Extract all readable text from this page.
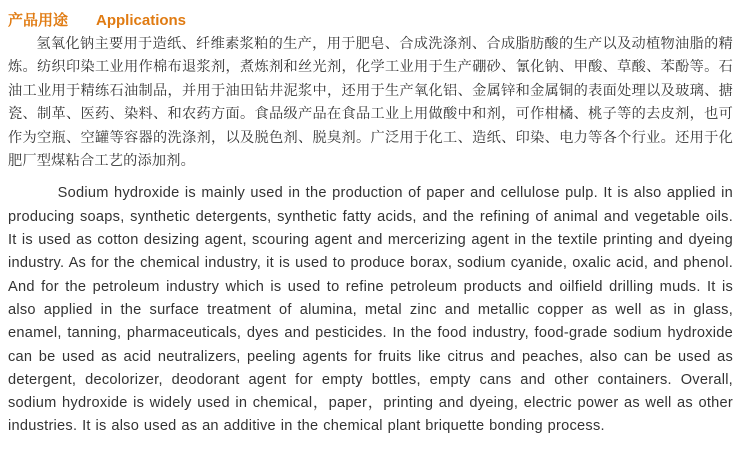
产品用途 Applications

氢氧化钠主要用于造纸、纤维素浆粕的生产，用于肥皂、合成洗涤剂、合成脂肪酸的生产以及动植物油脂的精炼。纺织印染工业用作棉布退浆剂，煮炼剂和丝光剂，化学工业用于生产硼砂、氰化钠、甲酸、草酸、苯酚等。石油工业用于精练石油制品，并用于油田钻井泥浆中，还用于生产氧化铝、金属锌和金属铜的表面处理以及玻璃、搪瓷、制革、医药、染料、和农药方面。食品级产品在食品工业上用做酸中和剂，可作柑橘、桃子等的去皮剂，也可作为空瓶、空罐等容器的洗涤剂，以及脱色剂、脱臭剂。广泛用于化工、造纸、印染、电力等各个行业。还用于化肥厂型煤粘合工艺的添加剂。

Sodium hydroxide is mainly used in the production of paper and cellulose pulp. It is also applied in producing soaps, synthetic detergents, synthetic fatty acids, and the refining of animal and vegetable oils. It is used as cotton desizing agent, scouring agent and mercerizing agent in the textile printing and dyeing industry. As for the chemical industry, it is used to produce borax, sodium cyanide, oxalic acid, and phenol. And for the petroleum industry which is used to refine petroleum products and oilfield drilling muds. It is also applied in the surface treatment of alumina, metal zinc and metallic copper as well as in glass, enamel, tanning, pharmaceuticals, dyes and pesticides. In the food industry, food-grade sodium hydroxide can be used as acid neutralizers, peeling agents for fruits like citrus and peaches, also can be used as detergent, decolorizer, deodorant agent for empty bottles, empty cans and other containers. Overall, sodium hydroxide is widely used in chemical，paper，printing and dyeing, electric power as well as other industries. It is also used as an additive in the chemical plant briquette bonding process.
